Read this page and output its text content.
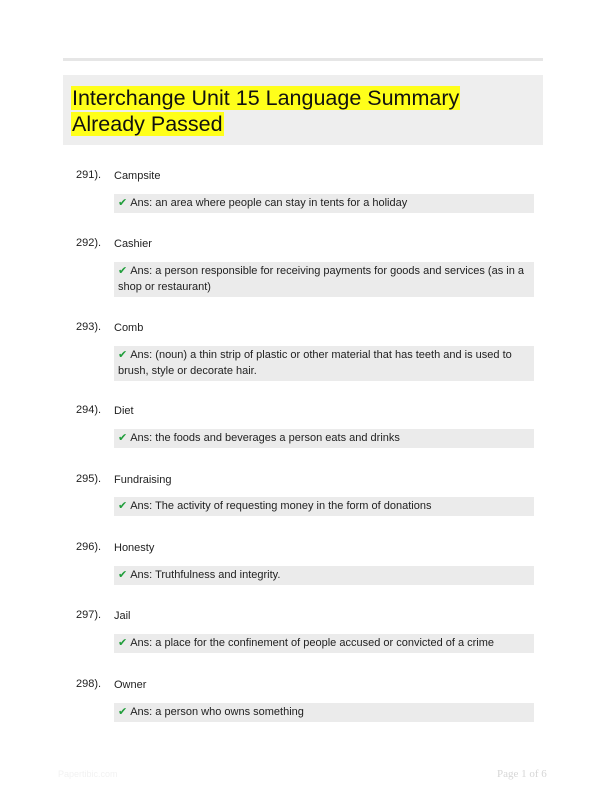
Interchange Unit 15 Language Summary Already Passed
291). Campsite
✔ Ans: an area where people can stay in tents for a holiday
292). Cashier
✔ Ans: a person responsible for receiving payments for goods and services (as in a shop or restaurant)
293). Comb
✔ Ans: (noun) a thin strip of plastic or other material that has teeth and is used to brush, style or decorate hair.
294). Diet
✔ Ans: the foods and beverages a person eats and drinks
295). Fundraising
✔ Ans: The activity of requesting money in the form of donations
296). Honesty
✔ Ans: Truthfulness and integrity.
297). Jail
✔ Ans: a place for the confinement of people accused or convicted of a crime
298). Owner
✔ Ans: a person who owns something
Papertibic.com	Page 1 of 6
